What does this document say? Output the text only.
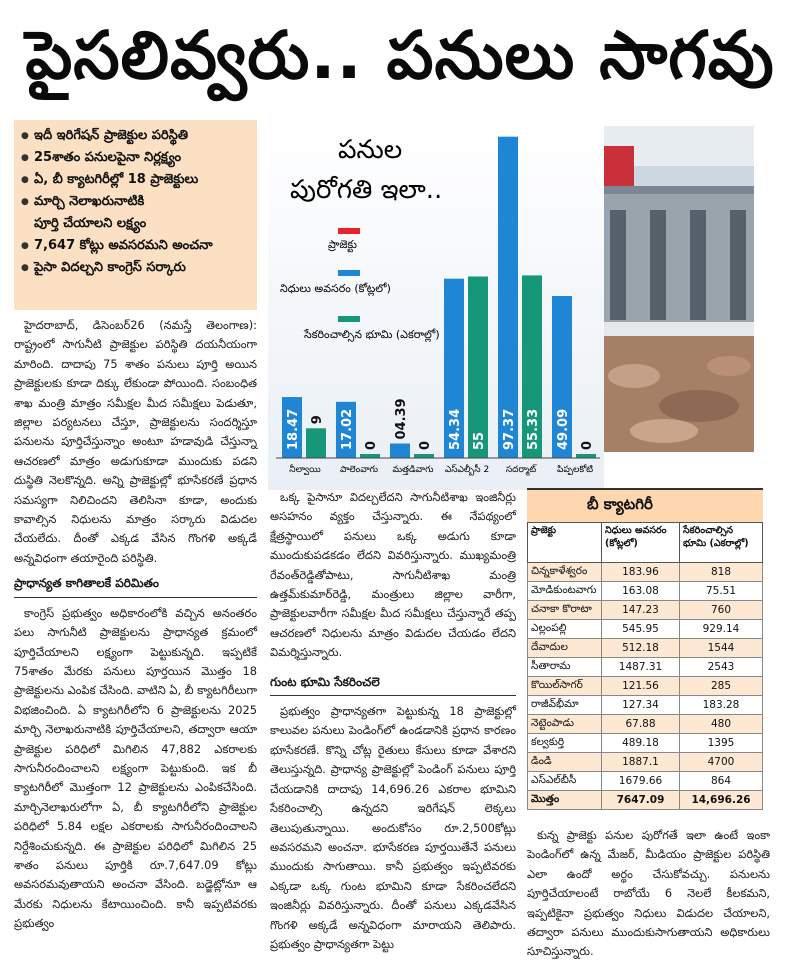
పైసలివ్వరు.. పనులు సాగవు
● ఇదీ ఇరిగేషన్ ప్రాజెక్టుల పరిస్థితి
● 25శాతం పనులపైనా నిర్లక్ష్యం
● ఏ, బీ క్యాటగిరీల్లో 18 ప్రాజెక్టులు
● మార్చి నెలాఖరునాటికి
పూర్తి చేయాలని లక్ష్యం
● 7,647 కోట్లు అవసరమని అంచనా
● పైసా విదల్చని కాంగ్రెస్ సర్కారు
పనుల
పురోగతి ఇలా..
ప్రాజెక్టు
నిధులు అవసరం (కోట్లలో)
సేకరించాల్సిన భూమి (ఎకరాల్లో)
18.47 9
నీల్వాయి
17.02 0
పాలెంవాగు
04.39
0
మత్తడివాగు
54.34 55
ఎస్ఎల్బీసీ 2
97.37 55.33
సదర్మాట్
49.09 0
పిప్పలకోటి

హైదరాబాద్, డిసెంబర్26 (నమస్తే తెలంగాణ): రాష్ట్రంలో సాగునీటి ప్రాజెక్టుల పరిస్థితి దయనీయంగా మారింది. దాదాపు 75 శాతం పనులు పూర్తి అయిన ప్రాజెక్టులకు కూడా దిక్కు లేకుండా పోయింది. సంబంధిత శాఖ మంత్రి మాత్రం సమీక్షల మీద సమీక్షలు పెడుతూ, జిల్లాల పర్యటనలు చేస్తూ, ప్రాజెక్టులను సందర్శిస్తూ పనులను పూర్తిచేస్తున్నాం అంటూ హడావుడి చేస్తున్నా ఆచరణలో మాత్రం అడుగుకూడా ముందుకు పడని దుస్థితి నెలకొన్నది. అన్ని ప్రాజెక్టుల్లో భూసేకరణే ప్రధాన సమస్యగా నిలిచిందని తెలిసినా కూడా, అందుకు కావాల్సిన నిధులను మాత్రం సర్కారు విడుదల చేయలేదు. దీంతో ఎక్కడ వేసిన గొంగళి అక్కడే అన్నవిధంగా తయారైంది పరిస్థితి.

ప్రాధాన్యత కాగితాలకే పరిమితం

కాంగ్రెస్ ప్రభుత్వం అధికారంలోకి వచ్చిన అనంతరం పలు సాగునీటి ప్రాజెక్టులను ప్రాధాన్యత క్రమంలో పూర్తిచేయాలని లక్ష్యంగా పెట్టుకున్నది. ఇప్పటికే 75శాతం మేరకు పనులు పూర్తయిన మొత్తం 18 ప్రాజెక్టులను ఎంపిక చేసింది. వాటిని ఏ, బీ క్యాటగిరీలుగా విభజించింది. ఏ క్యాటగిరీలోని 6 ప్రాజెక్టులను 2025 మార్చి నెలాఖరునాటికి పూర్తిచేయాలని, తద్వారా ఆయా ప్రాజెక్టుల పరిధిలో మిగిలిన 47,882 ఎకరాలకు సాగునీరందించాలని లక్ష్యంగా పెట్టుకుంది. ఇక బీ క్యాటగిరీలో మొత్తంగా 12 ప్రాజెక్టులను ఎంపికచేసింది. మార్చినెలాఖరులోగా ఏ, బీ క్యాటగిరీలోని ప్రాజెక్టుల పరిధిలో 5.84 లక్షల ఎకరాలకు సాగునీరందించాలని నిర్దేశించుకున్నది. ఈ ప్రాజెక్టుల పరిధిలో మిగిలిన 25 శాతం పనులు పూర్తికి రూ.7,647.09 కోట్లు అవసరమవుతాయని అంచనా వేసింది. బడ్జెట్లోనూ ఆ మేరకు నిధులను కేటాయించింది. కానీ ఇప్పటివరకు ప్రభుత్వం

ఒక్క పైసానూ విదల్చలేదని సాగునీటిశాఖ ఇంజినీర్లు అసహనం వ్యక్తం చేస్తున్నారు. ఈ నేపథ్యంలో క్షేత్రస్థాయిలో పనులు ఒక్క అడుగు కూడా ముందుకుపడకడం లేదని వివరిస్తున్నారు. ముఖ్యమంత్రి రేవంత్‌రెడ్డితోపాటు, సాగునీటిశాఖ మంత్రి ఉత్తమ్‌కుమార్‌రెడ్డి, మంత్రులు జిల్లాల వారీగా, ప్రాజెక్టులవారీగా సమీక్షల మీద సమీక్షలు చేస్తున్నారే తప్ప ఆచరణలో నిధులను మాత్రం విడుదల చేయడం లేదని విమర్శిస్తున్నారు.

గుంట భూమి సేకరించలె

ప్రభుత్వం ప్రాధాన్యతగా పెట్టుకున్న 18 ప్రాజెక్టుల్లో కాలువల పనులు పెండింగ్‌లో ఉండడానికి ప్రధాన కారణం భూసేకరణే. కొన్ని చోట్ల రైతులు కేసులు కూడా వేశారని తెలుస్తున్నది. ప్రాధాన్య ప్రాజెక్టుల్లో పెండింగ్ పనులు పూర్తి చేయడానికి దాదాపు 14,696.26 ఎకరాల భూమిని సేకరించాల్సి ఉన్నదని ఇరిగేషన్ లెక్కలు తెలుపుతున్నాయి. అందుకోసం రూ.2,500కోట్లు అవసరమని అంచనా. భూసేకరణ పూర్తయితేనే పనులు ముందుకు సాగుతాయి. కానీ ప్రభుత్వం ఇప్పటివరకు ఎక్కడా ఒక్క గుంట భూమిని కూడా సేకరించలేదని ఇంజినీర్లు వివరిస్తున్నారు. దీంతో పనులు ఎక్కడవేసిన గొంగళి అక్కడే అన్నవిధంగా మారాయని తెలిపారు. ప్రభుత్వం ప్రాధాన్యతగా పెట్టు

బీ క్యాటగిరీ
ప్రాజెక్టు	నిధులు అవసరం (కోట్లలో)	సేకరించాల్సిన భూమి (ఎకరాల్లో)
చిన్నకాళేశ్వరం	183.96	818
మోడికుంటవాగు	163.08	75.51
చనాకా కొరాటా	147.23	760
ఎల్లంపల్లి	545.95	929.14
దేవాదుల	512.18	1544
సీతారామ	1487.31	2543
కొయిల్‌సాగర్	121.56	285
రాజీవ్‌భీమా	127.34	183.28
నెట్టెంపాడు	67.88	480
కల్వకుర్తి	489.18	1395
డిండి	1887.1	4700
ఎస్ఎల్‌బీసీ	1679.66	864
మొత్తం	7647.09	14,696.26

కున్న ప్రాజెక్టు పనుల పురోగతే ఇలా ఉంటే ఇంకా పెండింగ్‌లో ఉన్న మేజర్, మీడియం ప్రాజెక్టుల పరిస్థితి ఎలా ఉందో అర్థం చేసుకోవచ్చు. పనులను పూర్తిచేయాలంటే రాబోయే 6 నెలలే కీలకమని, ఇప్పటికైనా ప్రభుత్వం నిధులు విడుదల చేయాలని, తద్వారా పనులు ముందుకుసాగుతాయని అధికారులు సూచిస్తున్నారు.
